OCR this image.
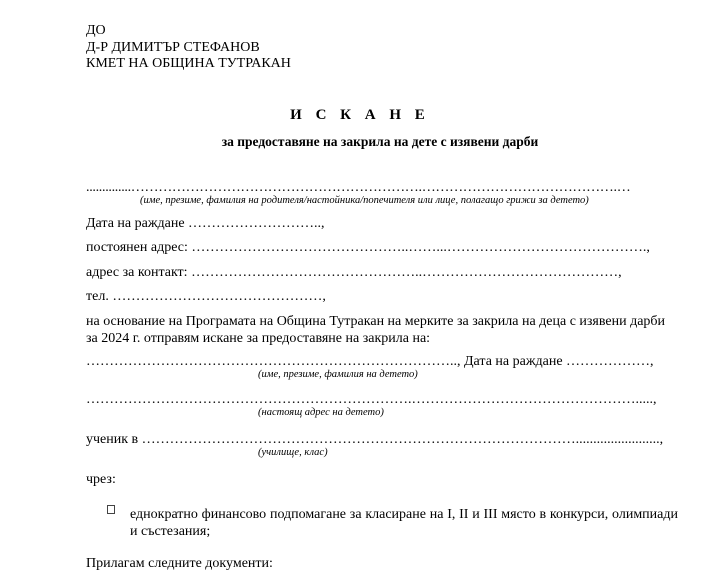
ДО
Д-Р ДИМИТЪР СТЕФАНОВ
КМЕТ НА ОБЩИНА ТУТРАКАН
И С К А Н Е
за предоставяне на закрила на дете с изявени дарби
..............……………………………………………………….…………………………………….…
(име, презиме, фамилия на родителя/настойника/попечителя или лице, полагащо грижи за детето)
Дата на раждане ………………………..,
постоянен адрес: ………………………………………..……...…………………………………….,
адрес за контакт: …………………………………………..……………………………………,
тел. ………………………………………,
на основание на Програмата на Община Тутракан на мерките за закрила на деца с изявени дарби за 2024 г. отправям искане за предоставяне на закрила на:
…………………………………………………………………….., Дата на раждане ………………,
(име, презиме, фамилия на детето)
…………………………………………………………….………………………………………….....,
(настоящ адрес на детето)
ученик в …………………………………………………………………………………........................,
(училище, клас)
чрез:
еднократно финансово подпомагане за класиране на I, II и III място в конкурси, олимпиади и състезания;
Прилагам следните документи:
